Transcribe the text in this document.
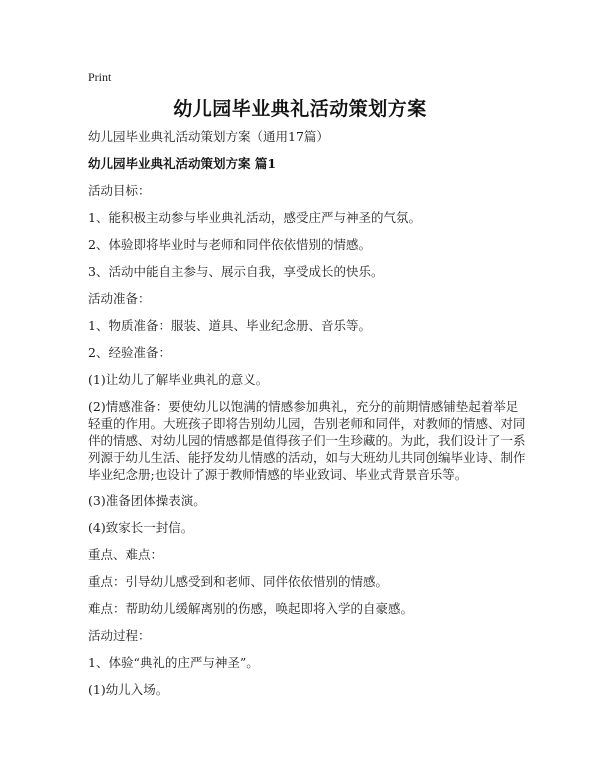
Print
幼儿园毕业典礼活动策划方案

幼儿园毕业典礼活动策划方案（通用17篇）

幼儿园毕业典礼活动策划方案 篇1

活动目标：

1、能积极主动参与毕业典礼活动，感受庄严与神圣的气氛。

2、体验即将毕业时与老师和同伴依依惜别的情感。

3、活动中能自主参与、展示自我，享受成长的快乐。

活动准备：

1、物质准备：服装、道具、毕业纪念册、音乐等。

2、经验准备：

(1)让幼儿了解毕业典礼的意义。

(2)情感准备：要使幼儿以饱满的情感参加典礼，充分的前期情感铺垫起着举足轻重的作用。大班孩子即将告别幼儿园，告别老师和同伴，对教师的情感、对同伴的情感、对幼儿园的情感都是值得孩子们一生珍藏的。为此，我们设计了一系列源于幼儿生活、能抒发幼儿情感的活动，如与大班幼儿共同创编毕业诗、制作毕业纪念册;也设计了源于教师情感的毕业致词、毕业式背景音乐等。

(3)准备团体操表演。

(4)致家长一封信。

重点、难点：

重点：引导幼儿感受到和老师、同伴依依惜别的情感。

难点：帮助幼儿缓解离别的伤感，唤起即将入学的自豪感。

活动过程：

1、体验“典礼的庄严与神圣”。

(1)幼儿入场。
